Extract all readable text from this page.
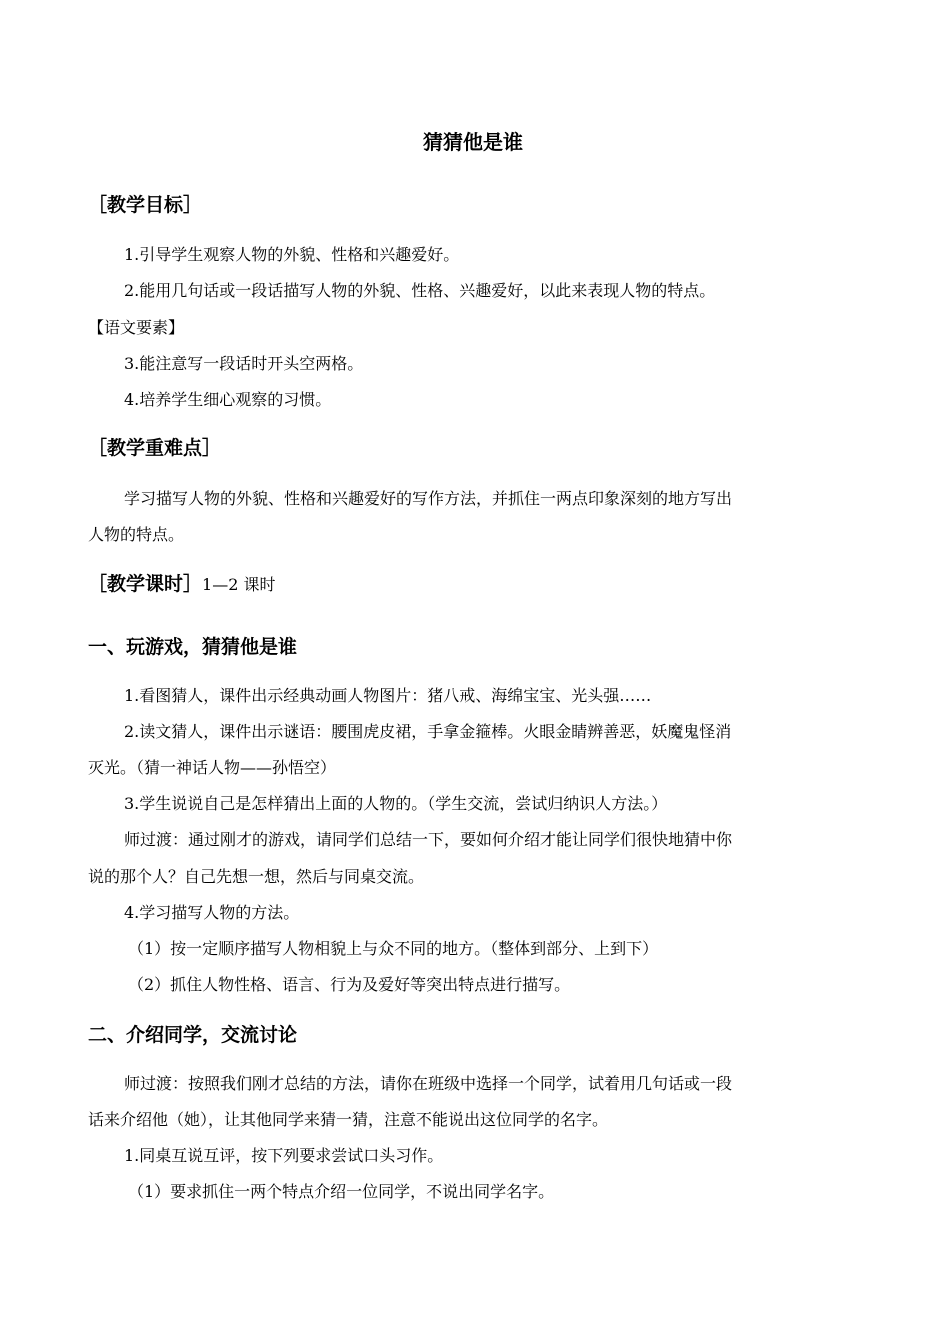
猜猜他是谁
［教学目标］
1.引导学生观察人物的外貌、性格和兴趣爱好。
2.能用几句话或一段话描写人物的外貌、性格、兴趣爱好，以此来表现人物的特点。
【语文要素】
3.能注意写一段话时开头空两格。
4.培养学生细心观察的习惯。
［教学重难点］
学习描写人物的外貌、性格和兴趣爱好的写作方法，并抓住一两点印象深刻的地方写出
人物的特点。
［教学课时］1—2 课时
一、玩游戏，猜猜他是谁
1.看图猜人，课件出示经典动画人物图片：猪八戒、海绵宝宝、光头强……
2.读文猜人，课件出示谜语：腰围虎皮裙，手拿金箍棒。火眼金睛辨善恶，妖魔鬼怪消
灭光。（猜一神话人物——孙悟空）
3.学生说说自己是怎样猜出上面的人物的。（学生交流，尝试归纳识人方法。）
师过渡：通过刚才的游戏，请同学们总结一下，要如何介绍才能让同学们很快地猜中你
说的那个人？自己先想一想，然后与同桌交流。
4.学习描写人物的方法。
（1）按一定顺序描写人物相貌上与众不同的地方。（整体到部分、上到下）
（2）抓住人物性格、语言、行为及爱好等突出特点进行描写。
二、介绍同学，交流讨论
师过渡：按照我们刚才总结的方法，请你在班级中选择一个同学，试着用几句话或一段
话来介绍他（她），让其他同学来猜一猜，注意不能说出这位同学的名字。
1.同桌互说互评，按下列要求尝试口头习作。
（1）要求抓住一两个特点介绍一位同学，不说出同学名字。
